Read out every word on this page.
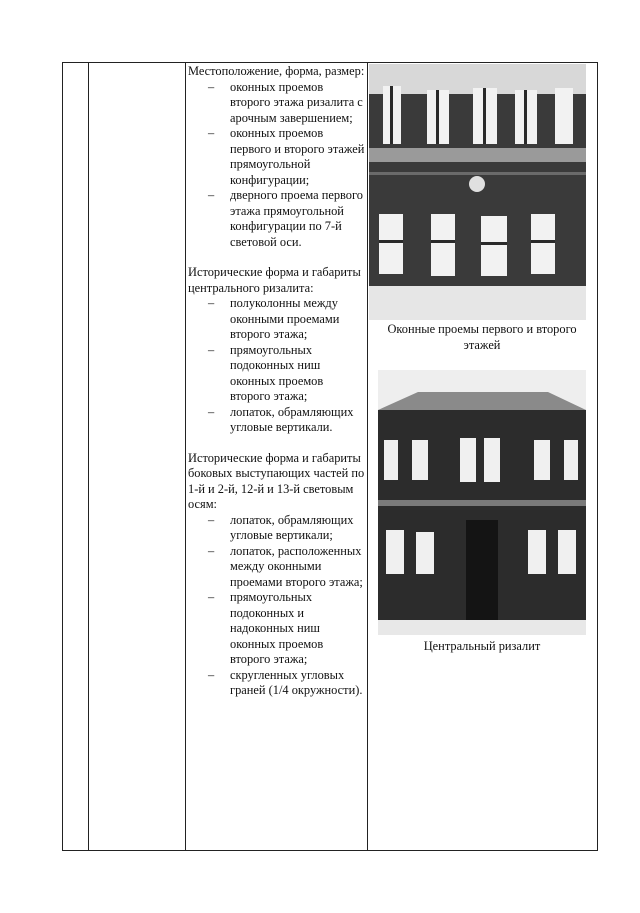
Местоположение, форма, размер:
– оконных проемов второго этажа ризалита с арочным завершением;
– оконных проемов первого и второго этажей прямоугольной конфигурации;
– дверного проема первого этажа прямоугольной конфигурации по 7-й световой оси.
Исторические форма и габариты центрального ризалита:
– полуколонны между оконными проемами второго этажа;
– прямоугольных подоконных ниш оконных проемов второго этажа;
– лопаток, обрамляющих угловые вертикали.
Исторические форма и габариты боковых выступающих частей по 1-й и 2-й, 12-й и 13-й световым осям:
– лопаток, обрамляющих угловые вертикали;
– лопаток, расположенных между оконными проемами второго этажа;
– прямоугольных подоконных и надоконных ниш оконных проемов второго этажа;
– скругленных угловых граней (1/4 окружности).
Оконные проемы первого и второго этажей
Центральный ризалит
